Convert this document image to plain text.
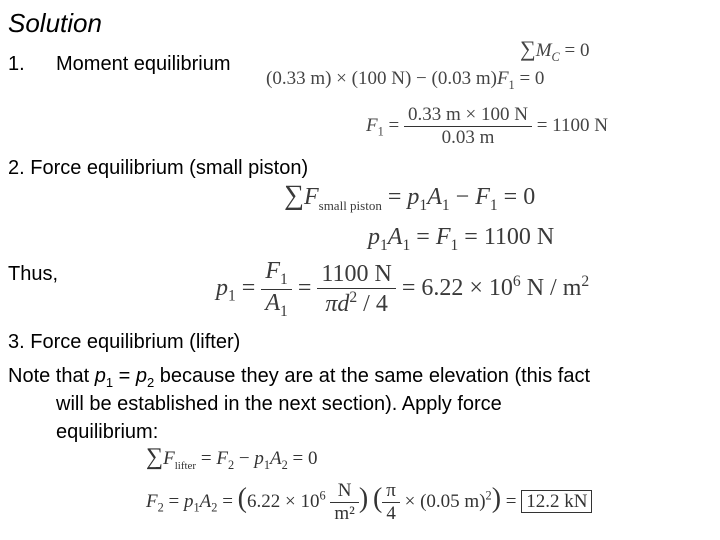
Solution
1. Moment equilibrium
$\sum M_C = 0$
(0.33 m) × (100 N) − (0.03 $m)F_1 = 0$
$F_1 = \frac{0.33 m \times 100 N}{0.03 m} = 1100$ N
2. Force equilibrium (small piston)
$\sum F_{small piston} = p_1A_1 - F_1 = 0$
$p_1A_1 = F_1 = 1100$ N
Thus,
$p_1 = \frac{F_1}{A_1} = \frac{1100 N}{\pi d^2 / 4} = 6.22 \times 10^6$ N / $m^2$
3. Force equilibrium (lifter)
Note that $p_1 = p_2$ because they are at the same elevation (this fact
will be established in the next section). Apply force
equilibrium:
$\sum F_{lifter} = F_2 - p_1A_2 = 0$
$F_2 = p_1A_2 = (6.22 \times 10^6 \frac{N}{\text{m²}}$ ) ( $\frac{\pi}{4} \times (0.05$ m)$^2$) = 12.2 kN
